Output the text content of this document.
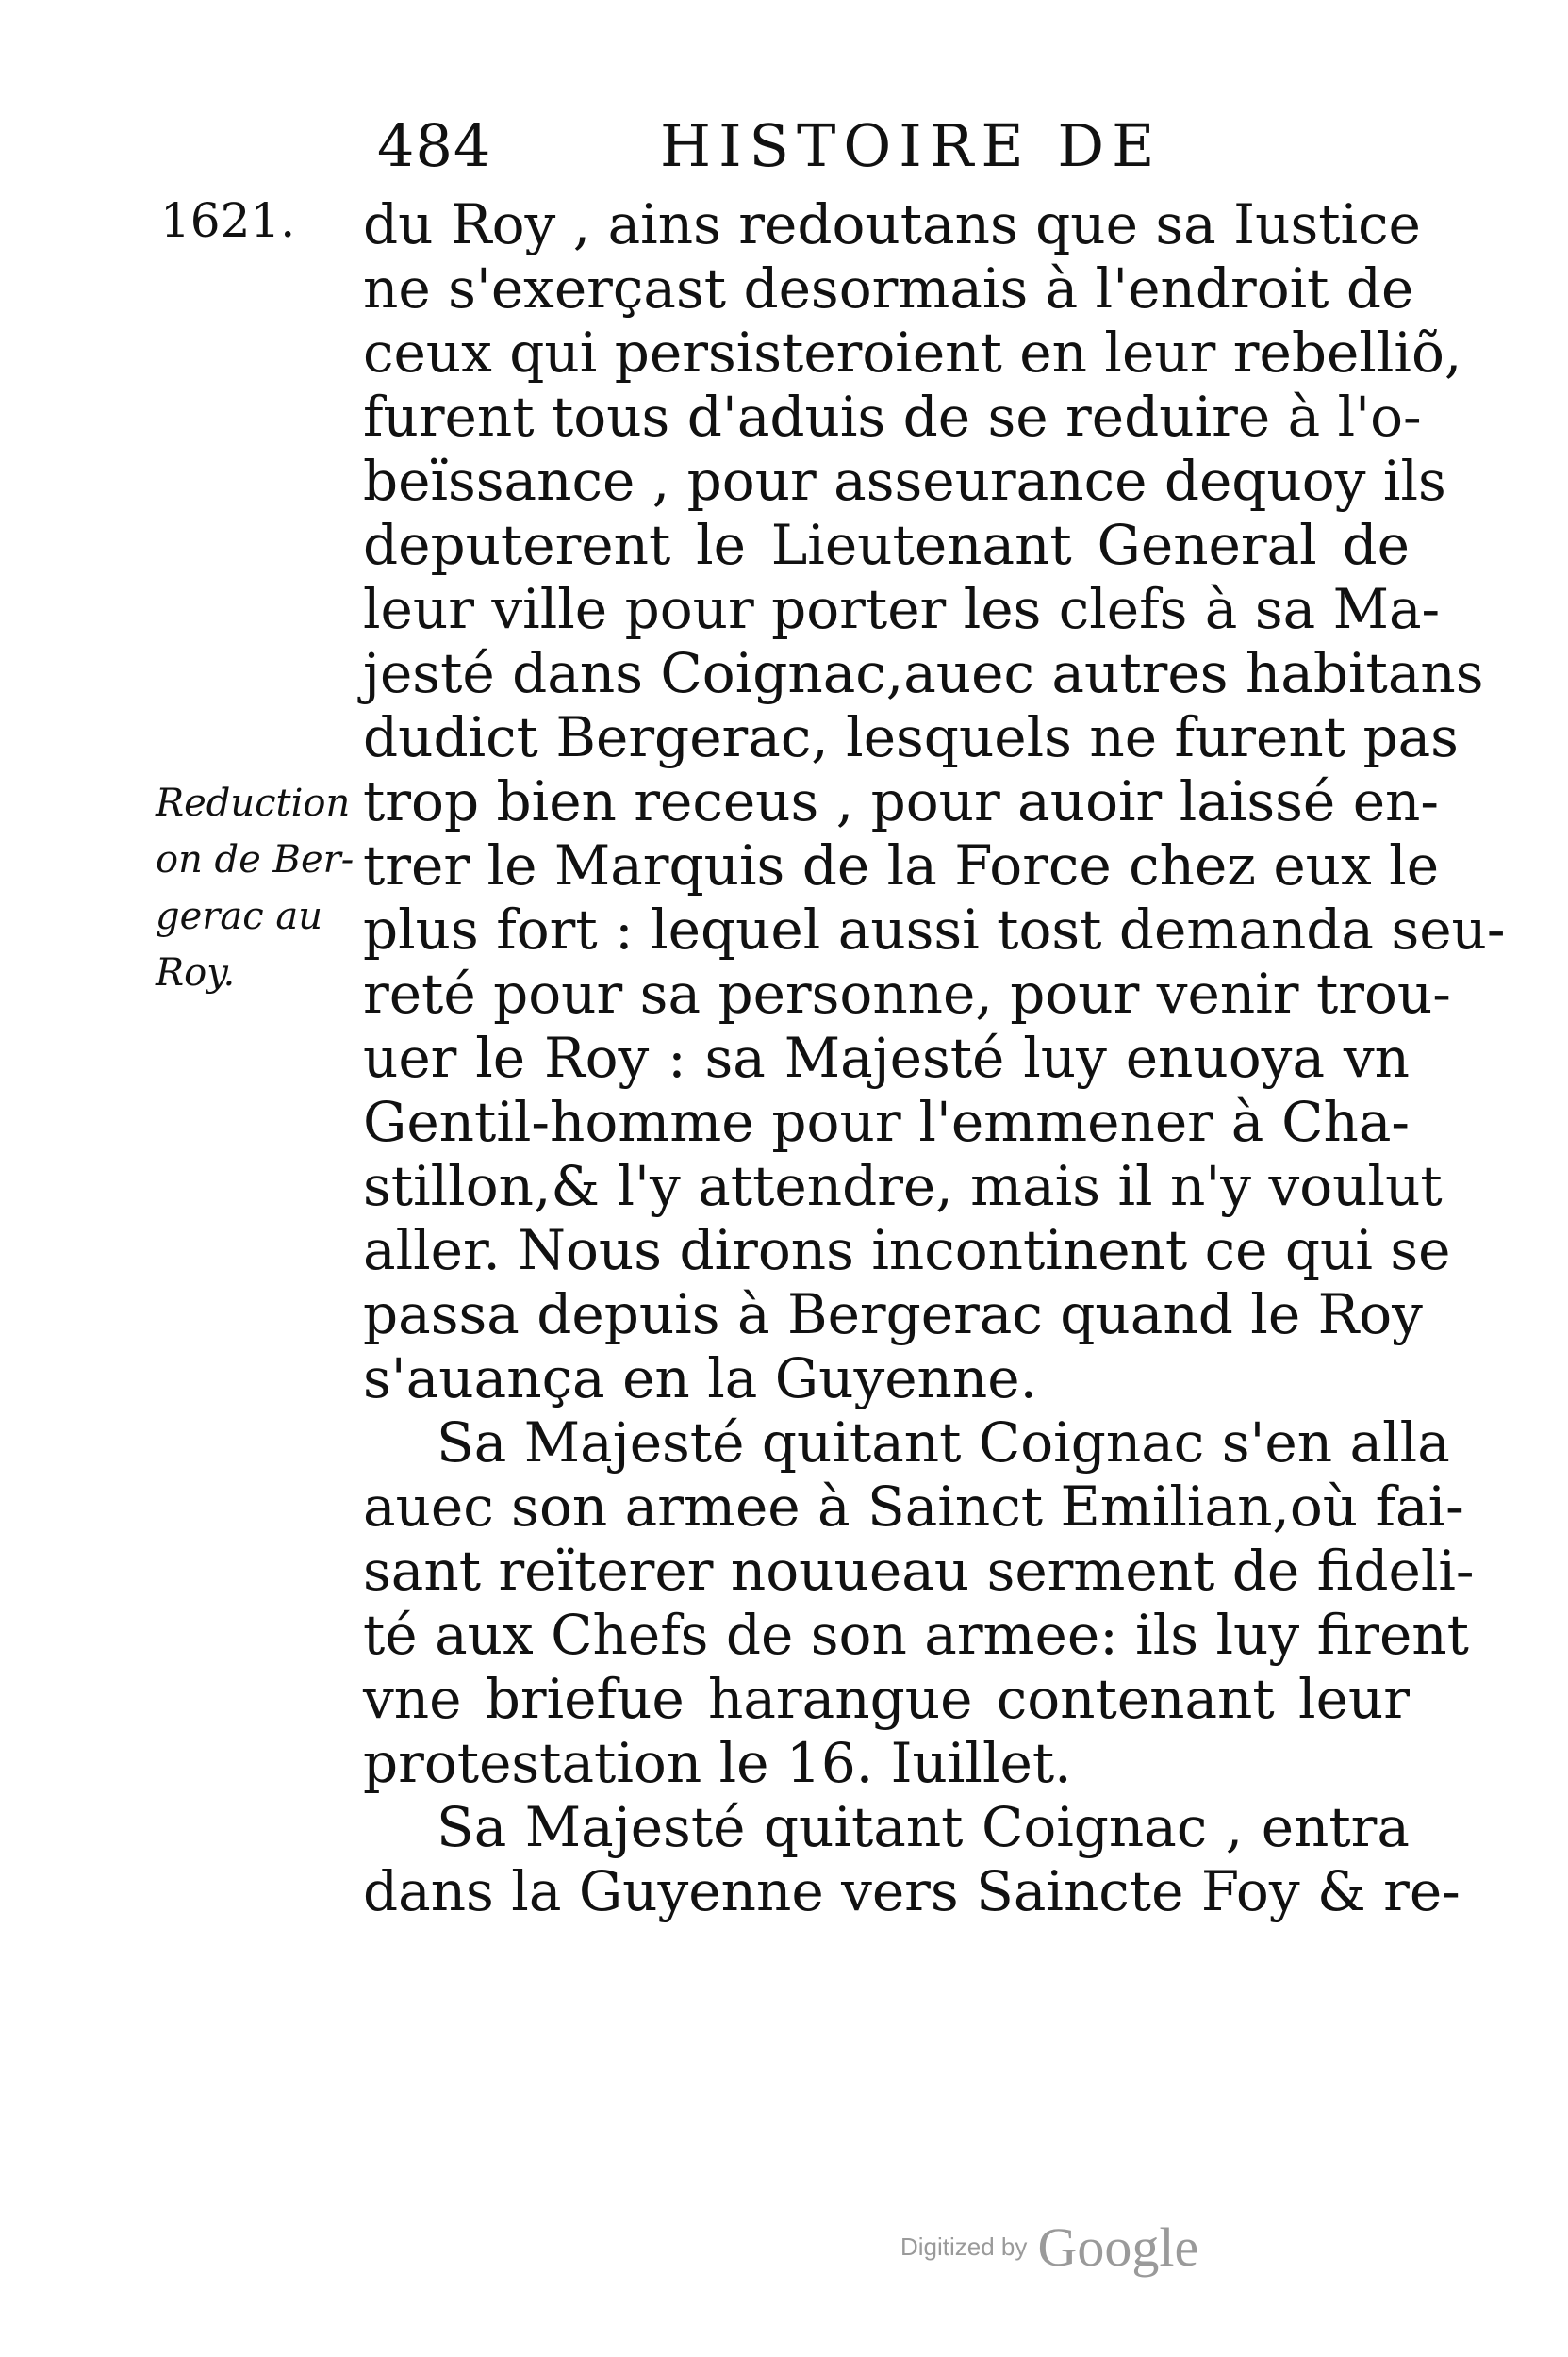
484	HISTOIRE DE
1621.
Reduction
on de Ber-
gerac au
Roy.
du Roy , ains redoutans que sa Iustice
ne s'exerçast desormais à l'endroit de
ceux qui persisteroient en leur rebelliõ,
furent tous d'aduis de se reduire à l'o-
beïssance , pour asseurance dequoy ils
deputerent le Lieutenant General de
leur ville pour porter les clefs à sa Ma-
jesté dans Coignac,auec autres habitans
dudict Bergerac, lesquels ne furent pas
trop bien receus , pour auoir laissé en-
trer le Marquis de la Force chez eux le
plus fort : lequel aussi tost demanda seu-
reté pour sa personne, pour venir trou-
uer le Roy : sa Majesté luy enuoya vn
Gentil-homme pour l'emmener à Cha-
stillon,& l'y attendre, mais il n'y voulut
aller. Nous dirons incontinent ce qui se
passa depuis à Bergerac quand le Roy
s'auança en la Guyenne.
Sa Majesté quitant Coignac s'en alla
auec son armee à Sainct Emilian,où fai-
sant reïterer nouueau serment de fideli-
té aux Chefs de son armee: ils luy firent
vne briefue harangue contenant leur
protestation le 16. Iuillet.
Sa Majesté quitant Coignac , entra
dans la Guyenne vers Saincte Foy & re-
Digitized by Google
